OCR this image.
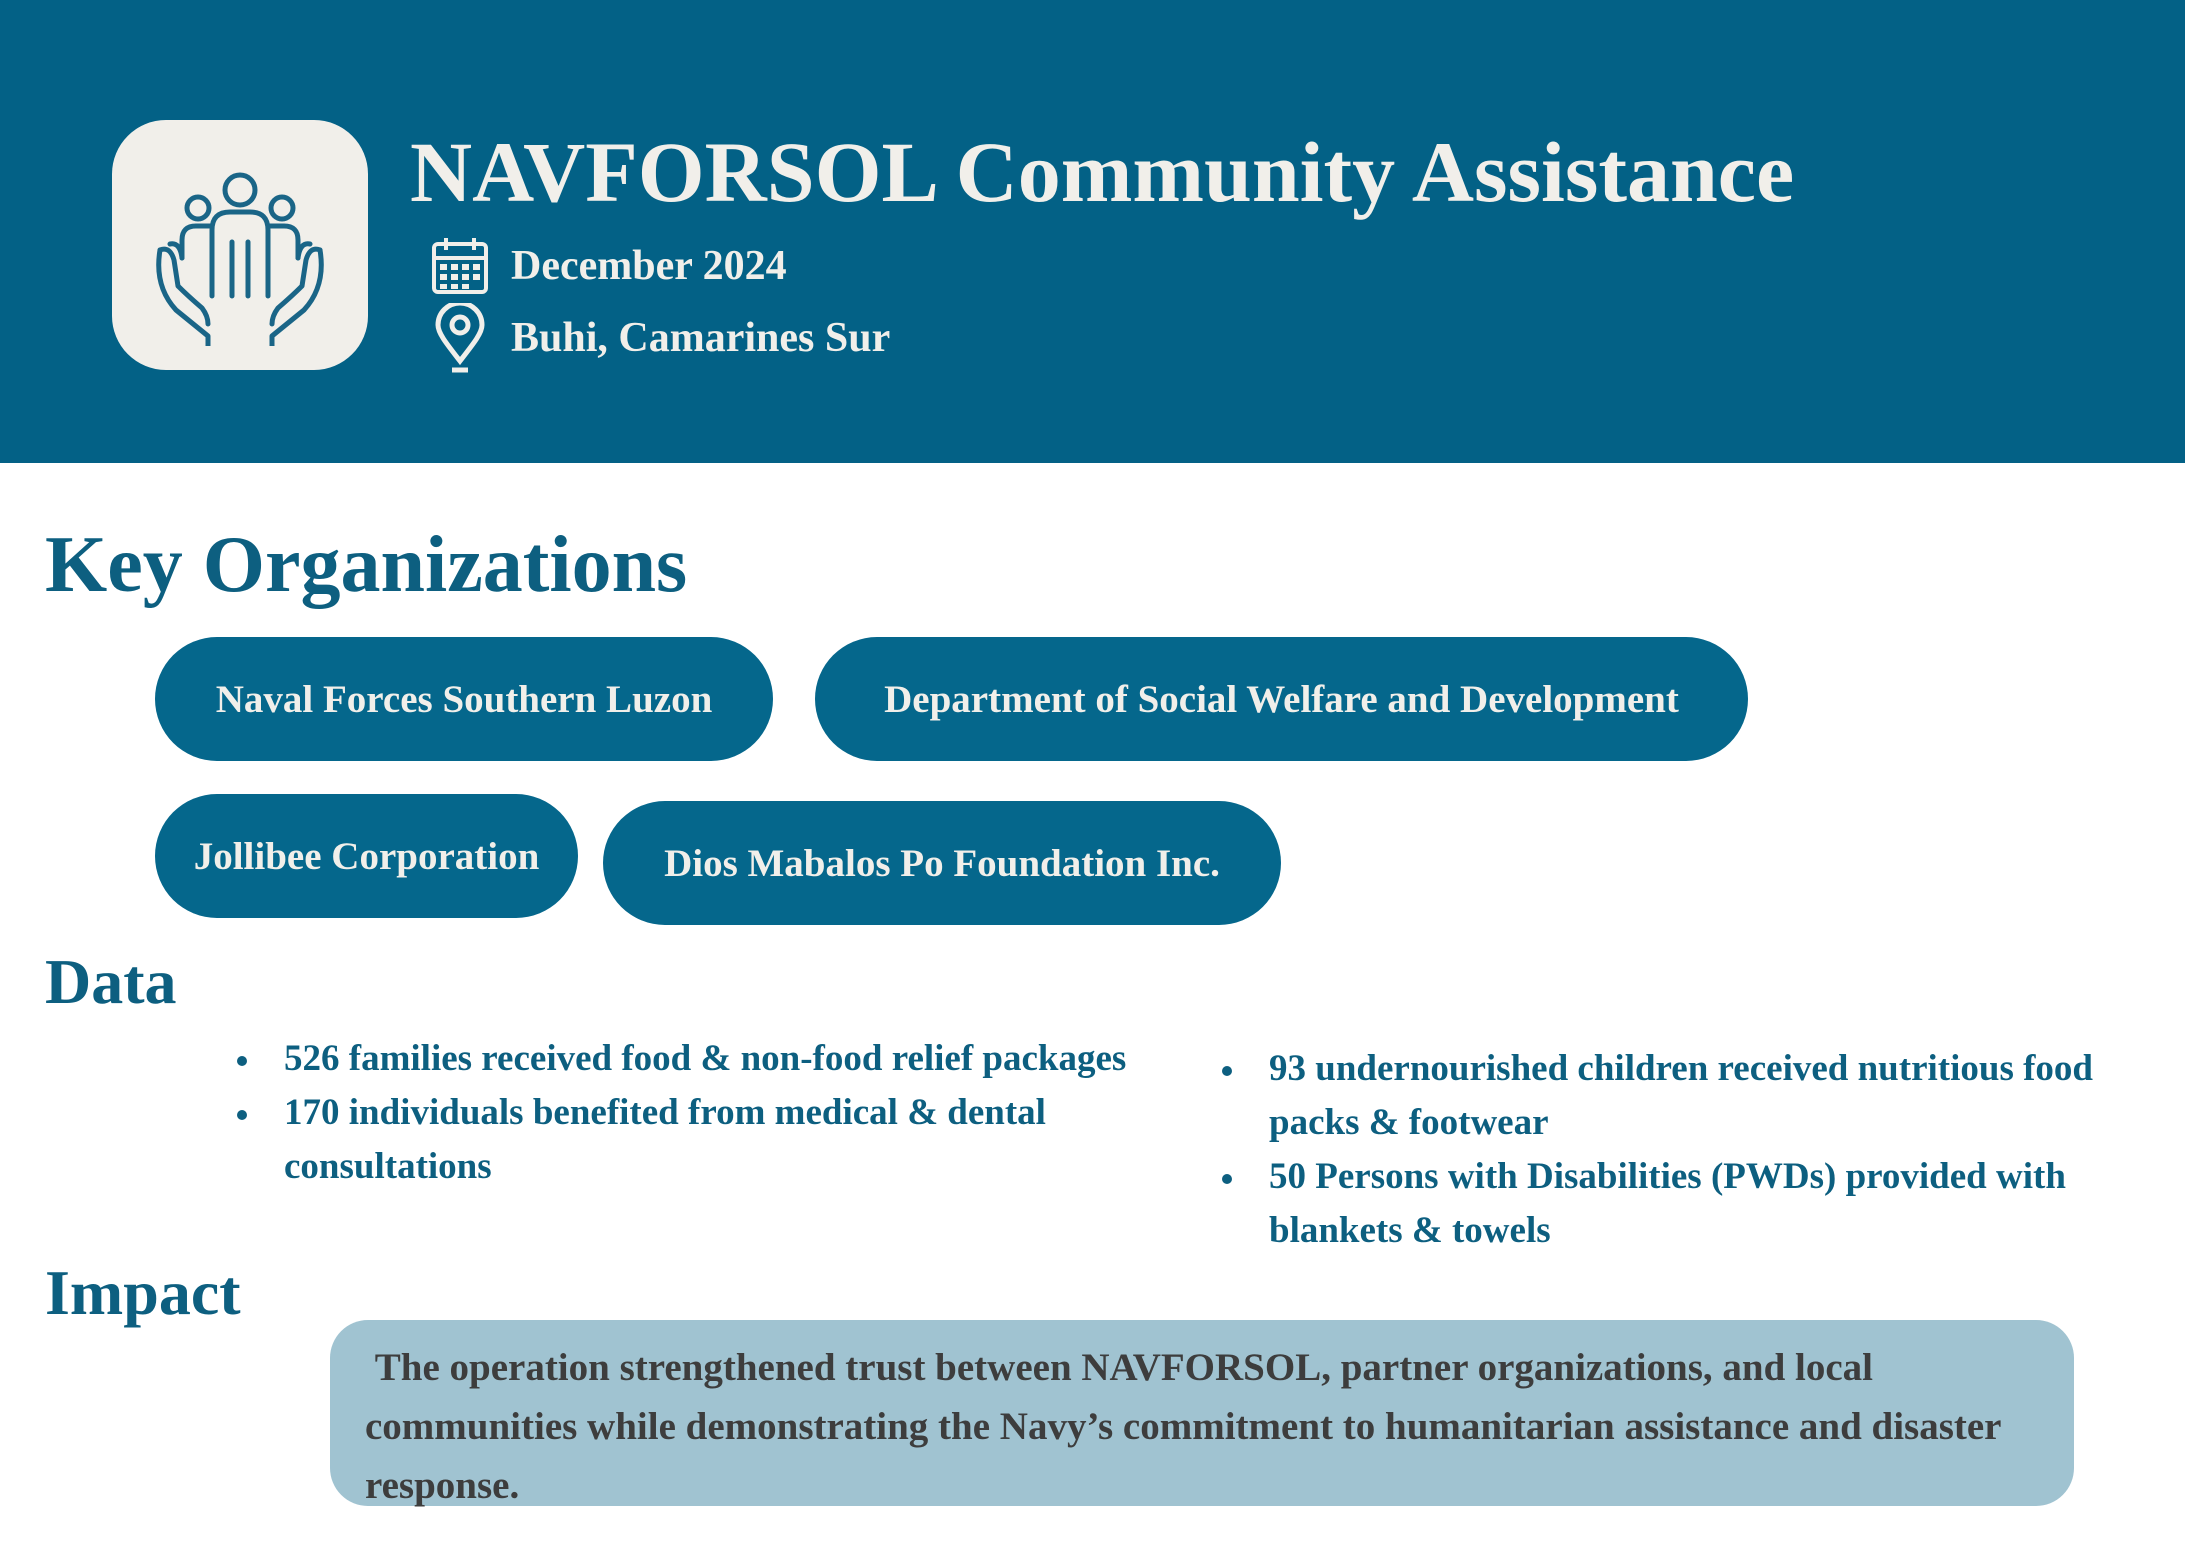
NAVFORSOL Community Assistance
December 2024
Buhi, Camarines Sur
Key Organizations
Naval Forces Southern Luzon	Department of Social Welfare and Development
Jollibee Corporation	Dios Mabalos Po Foundation Inc.
Data
526 families received food & non-food relief packages
170 individuals benefited from medical & dental consultations
93 undernourished children received nutritious food packs & footwear
50 Persons with Disabilities (PWDs) provided with blankets & towels
Impact
The operation strengthened trust between NAVFORSOL, partner organizations, and local communities while demonstrating the Navy’s commitment to humanitarian assistance and disaster response.
